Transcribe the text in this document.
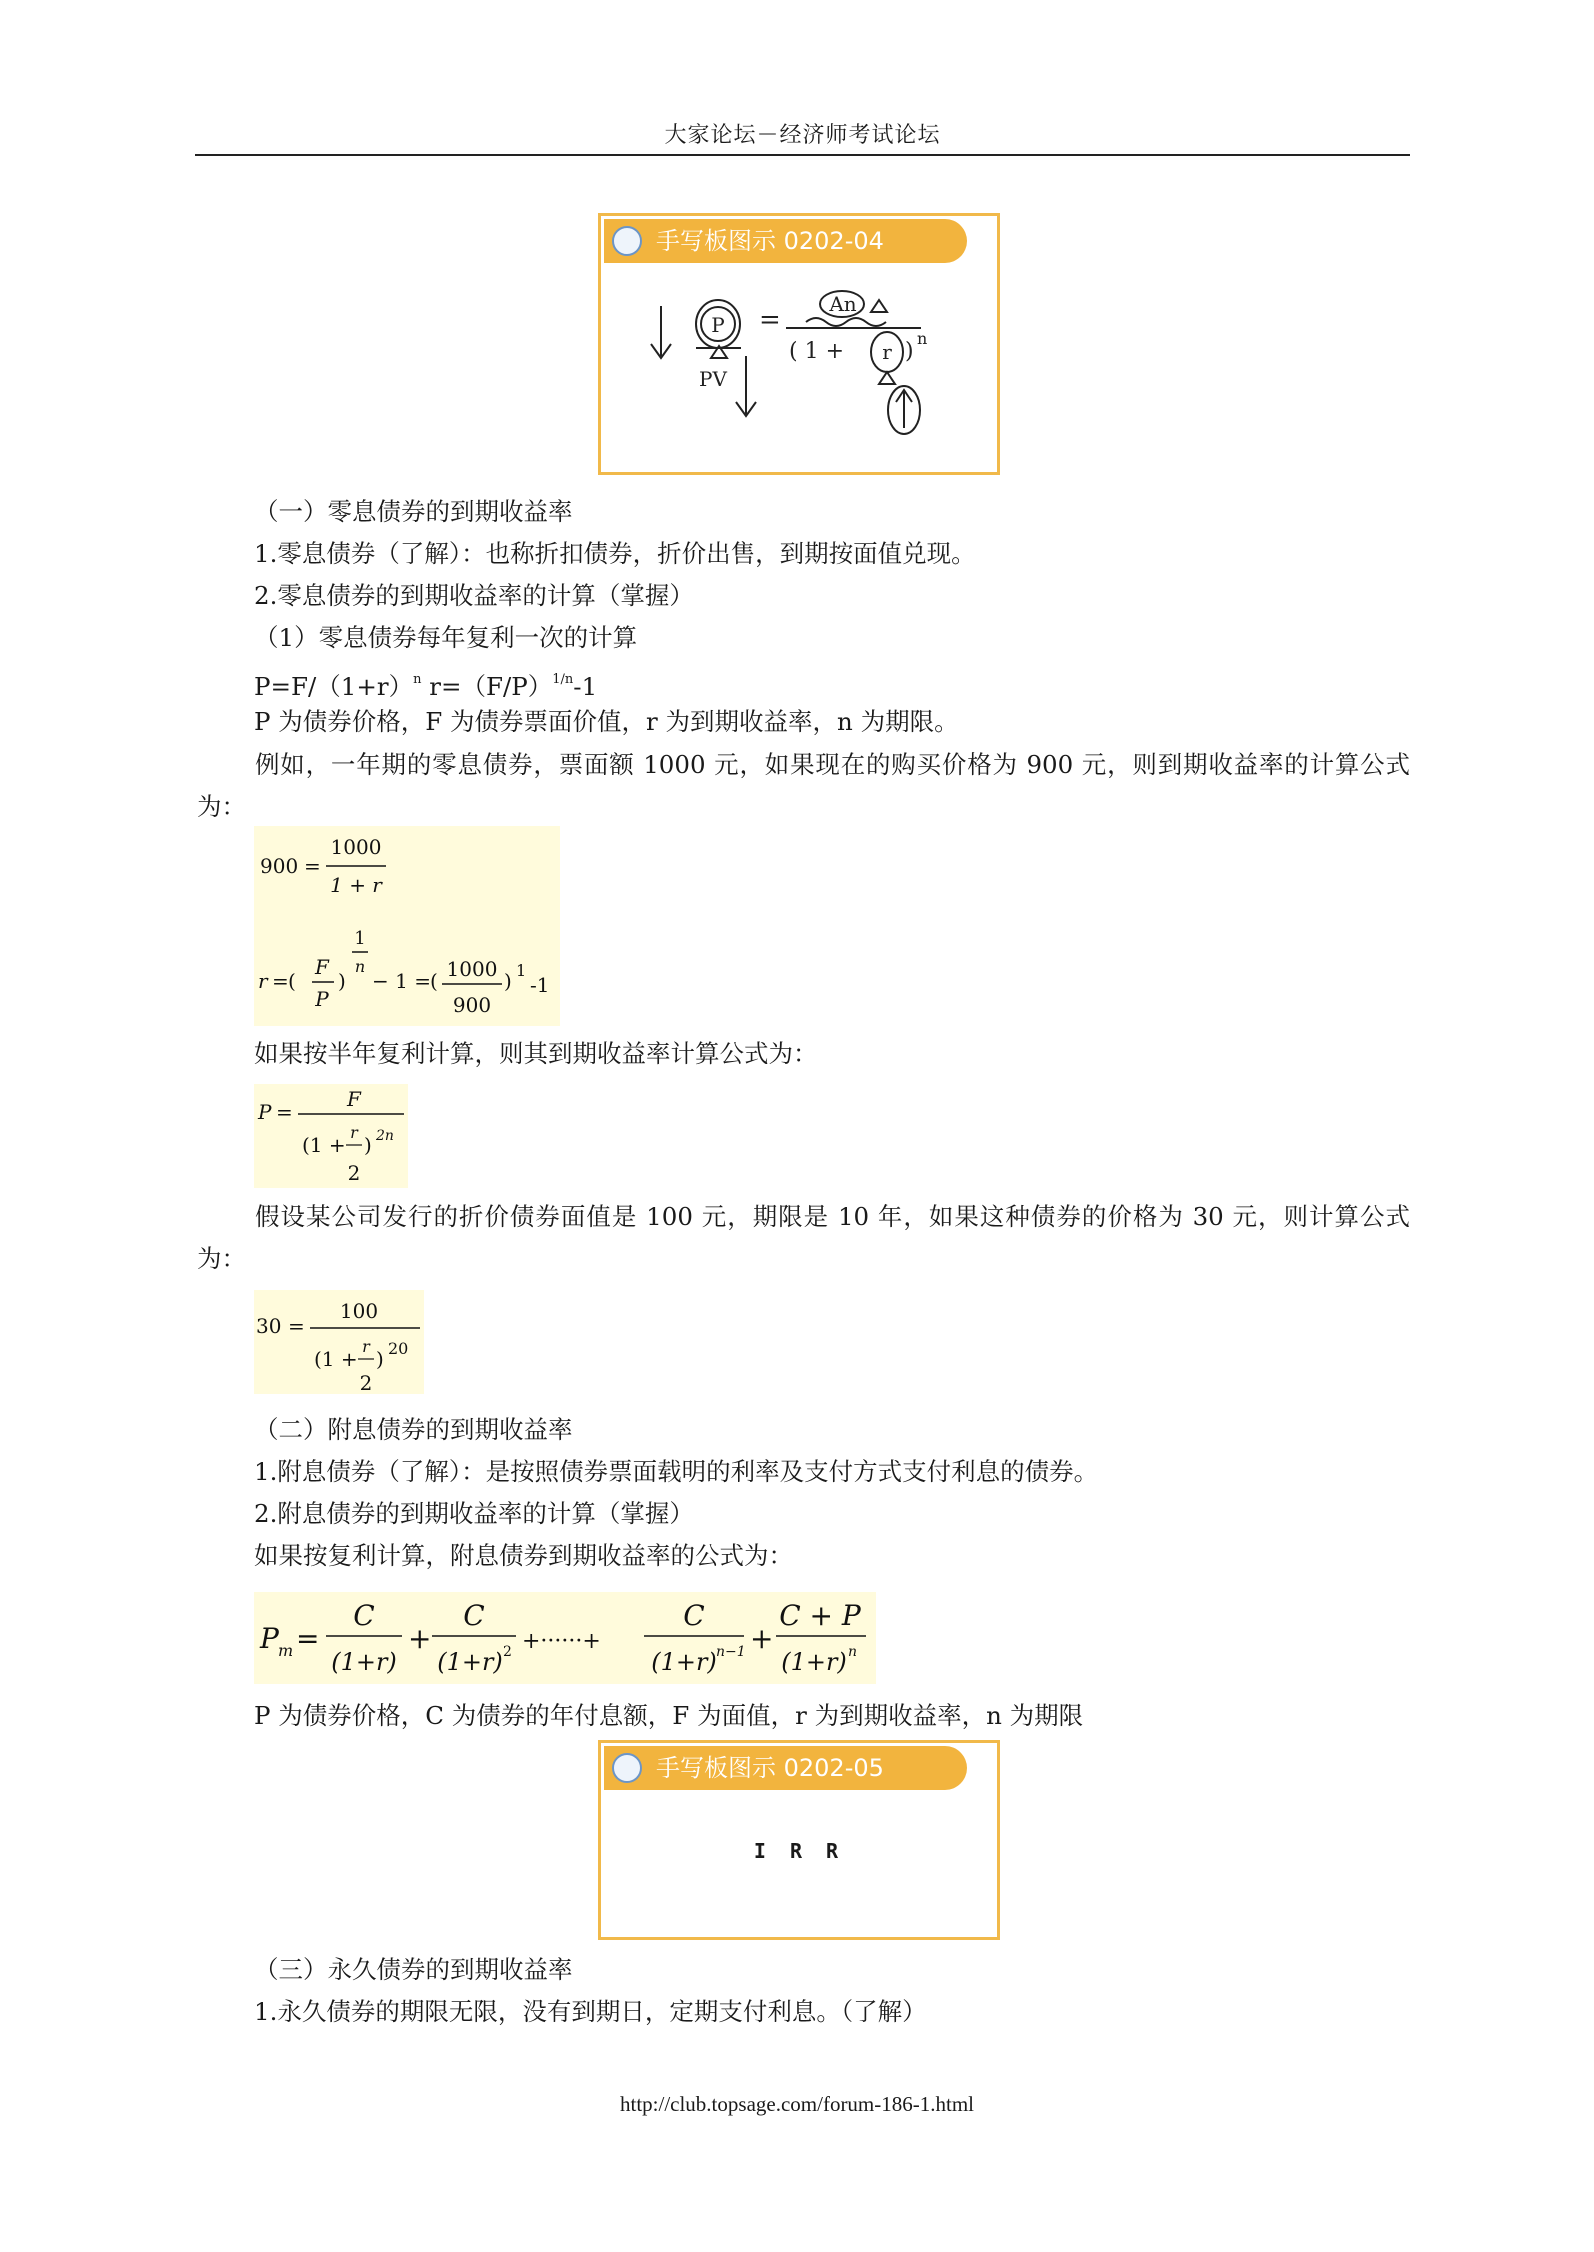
大家论坛－经济师考试论坛
手写板图示 0202-04
P
PV
=
An
( 1 + r )
n
（一）零息债券的到期收益率
1.零息债券（了解）：也称折扣债券，折价出售，到期按面值兑现。
2.零息债券的到期收益率的计算（掌握）
（1）零息债券每年复利一次的计算
$P=F/(1+r)^n$ $r=(F/P)^{1/n}-1$
P 为债券价格，F 为债券票面价值，r 为到期收益率，n 为期限。
例如，一年期的零息债券，票面额 1000 元，如果现在的购买价格为 900 元，则到期收益率的计算公式为：
900 =
1000
1 + r
r = (
F
P
)
1
n
− 1 = ( 1000
900
) 1
-1
如果按半年复利计算，则其到期收益率计算公式为：
P =
F
(1 +
r
2
) 2n
假设某公司发行的折价债券面值是 100 元，期限是 10 年，如果这种债券的价格为 30 元，则计算公式为：
30 =
100
(1 +
r
2
) 20
（二）附息债券的到期收益率
1.附息债券（了解）：是按照债券票面载明的利率及支付方式支付利息的债券。
2.附息债券的到期收益率的计算（掌握）
如果按复利计算，附息债券到期收益率的公式为：
P m =
C
(1+r)
+
C
(1+r) 2 +······+
C
(1+r) n−1 +
C + P
(1+r) n
P 为债券价格，C 为债券的年付息额，F 为面值，r 为到期收益率，n 为期限
手写板图示 0202-05
I R R
（三）永久债券的到期收益率
1.永久债券的期限无限，没有到期日，定期支付利息。（了解）
http://club.topsage.com/forum-186-1.html
